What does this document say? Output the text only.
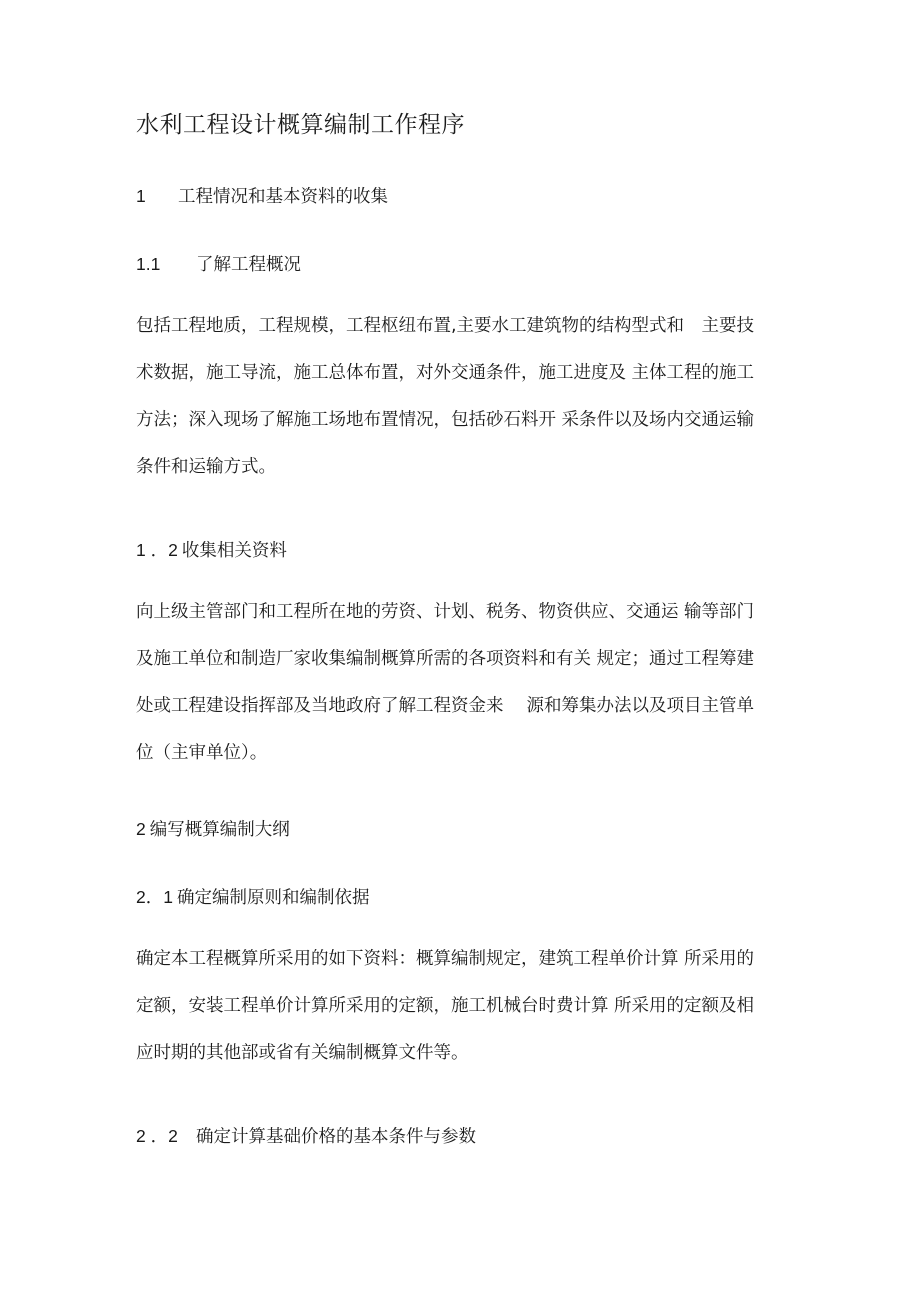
水利工程设计概算编制工作程序
1 工程情况和基本资料的收集
1.1 了解工程概况
包括工程地质，工程规模，工程枢纽布置,主要水工建筑物的结构型式和　主要技
术数据，施工导流，施工总体布置，对外交通条件，施工进度及 主体工程的施工
方法；深入现场了解施工场地布置情况，包括砂石料开 采条件以及场内交通运输
条件和运输方式。
1 ．2 收集相关资料
向上级主管部门和工程所在地的劳资、计划、税务、物资供应、交通运 输等部门
及施工单位和制造厂家收集编制概算所需的各项资料和有关 规定；通过工程筹建
处或工程建设指挥部及当地政府了解工程资金来　 源和筹集办法以及项目主管单
位（主审单位）。
2 编写概算编制大纲
2．1 确定编制原则和编制依据
确定本工程概算所采用的如下资料：概算编制规定，建筑工程单价计算 所采用的
定额，安装工程单价计算所采用的定额，施工机械台时费计算 所采用的定额及相
应时期的其他部或省有关编制概算文件等。
2 ．2 确定计算基础价格的基本条件与参数
